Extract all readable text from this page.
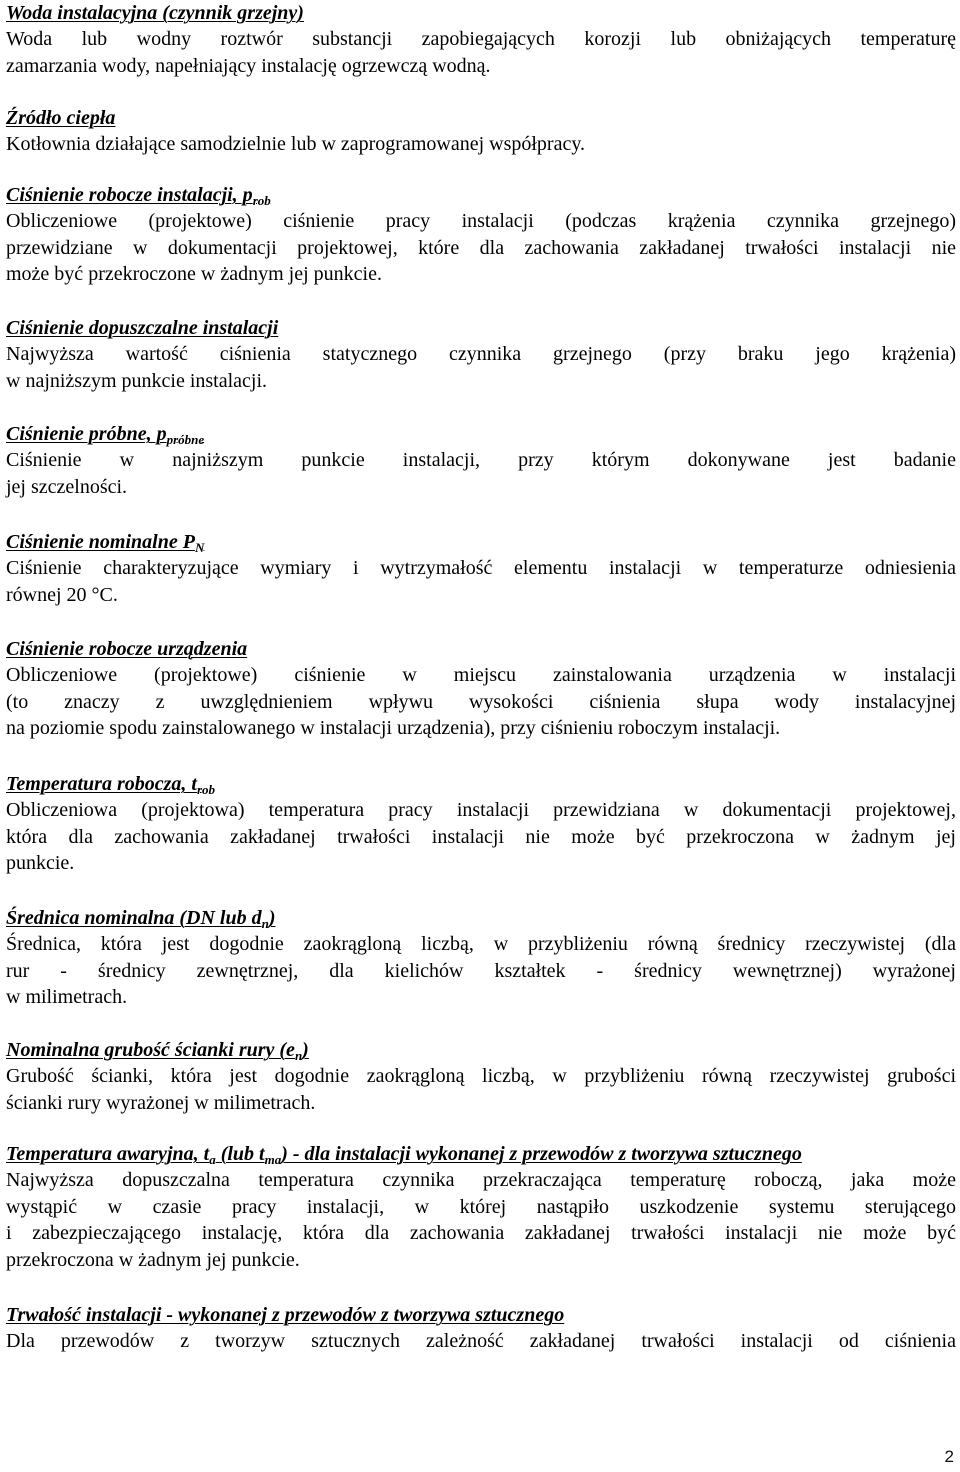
Woda instalacyjna (czynnik grzejny)
Woda lub wodny roztwór substancji zapobiegających korozji lub obniżających temperaturę
zamarzania wody, napełniający instalację ogrzewczą wodną.
Źródło ciepła
Kotłownia działające samodzielnie lub w zaprogramowanej współpracy.
Ciśnienie robocze instalacji, $p_{rob}$
Obliczeniowe (projektowe) ciśnienie pracy instalacji (podczas krążenia czynnika grzejnego)
przewidziane w dokumentacji projektowej, które dla zachowania zakładanej trwałości instalacji nie
może być przekroczone w żadnym jej punkcie.
Ciśnienie dopuszczalne instalacji
Najwyższa wartość ciśnienia statycznego czynnika grzejnego (przy braku jego krążenia)
w najniższym punkcie instalacji.
Ciśnienie próbne, $p_{próbne}$
Ciśnienie w najniższym punkcie instalacji, przy którym dokonywane jest badanie
jej szczelności.
Ciśnienie nominalne $P_N$
Ciśnienie charakteryzujące wymiary i wytrzymałość elementu instalacji w temperaturze odniesienia
równej 20 °C.
Ciśnienie robocze urządzenia
Obliczeniowe (projektowe) ciśnienie w miejscu zainstalowania urządzenia w instalacji
(to znaczy z uwzględnieniem wpływu wysokości ciśnienia słupa wody instalacyjnej
na poziomie spodu zainstalowanego w instalacji urządzenia), przy ciśnieniu roboczym instalacji.
Temperatura robocza, $t_{rob}$
Obliczeniowa (projektowa) temperatura pracy instalacji przewidziana w dokumentacji projektowej,
która dla zachowania zakładanej trwałości instalacji nie może być przekroczona w żadnym jej
punkcie.
Średnica nominalna (DN lub $d_n$)
Średnica, która jest dogodnie zaokrągloną liczbą, w przybliżeniu równą średnicy rzeczywistej (dla
rur - średnicy zewnętrznej, dla kielichów kształtek - średnicy wewnętrznej) wyrażonej
w milimetrach.
Nominalna grubość ścianki rury $(e_n)$
Grubość ścianki, która jest dogodnie zaokrągloną liczbą, w przybliżeniu równą rzeczywistej grubości
ścianki rury wyrażonej w milimetrach.
Temperatura awaryjna, $t_a$ (lub $t_{ma}$) - dla instalacji wykonanej z przewodów z tworzywa sztucznego
Najwyższa dopuszczalna temperatura czynnika przekraczająca temperaturę roboczą, jaka może
wystąpić w czasie pracy instalacji, w której nastąpiło uszkodzenie systemu sterującego
i zabezpieczającego instalację, która dla zachowania zakładanej trwałości instalacji nie może być
przekroczona w żadnym jej punkcie.
Trwałość instalacji - wykonanej z przewodów z tworzywa sztucznego
Dla przewodów z tworzyw sztucznych zależność zakładanej trwałości instalacji od ciśnienia
2
